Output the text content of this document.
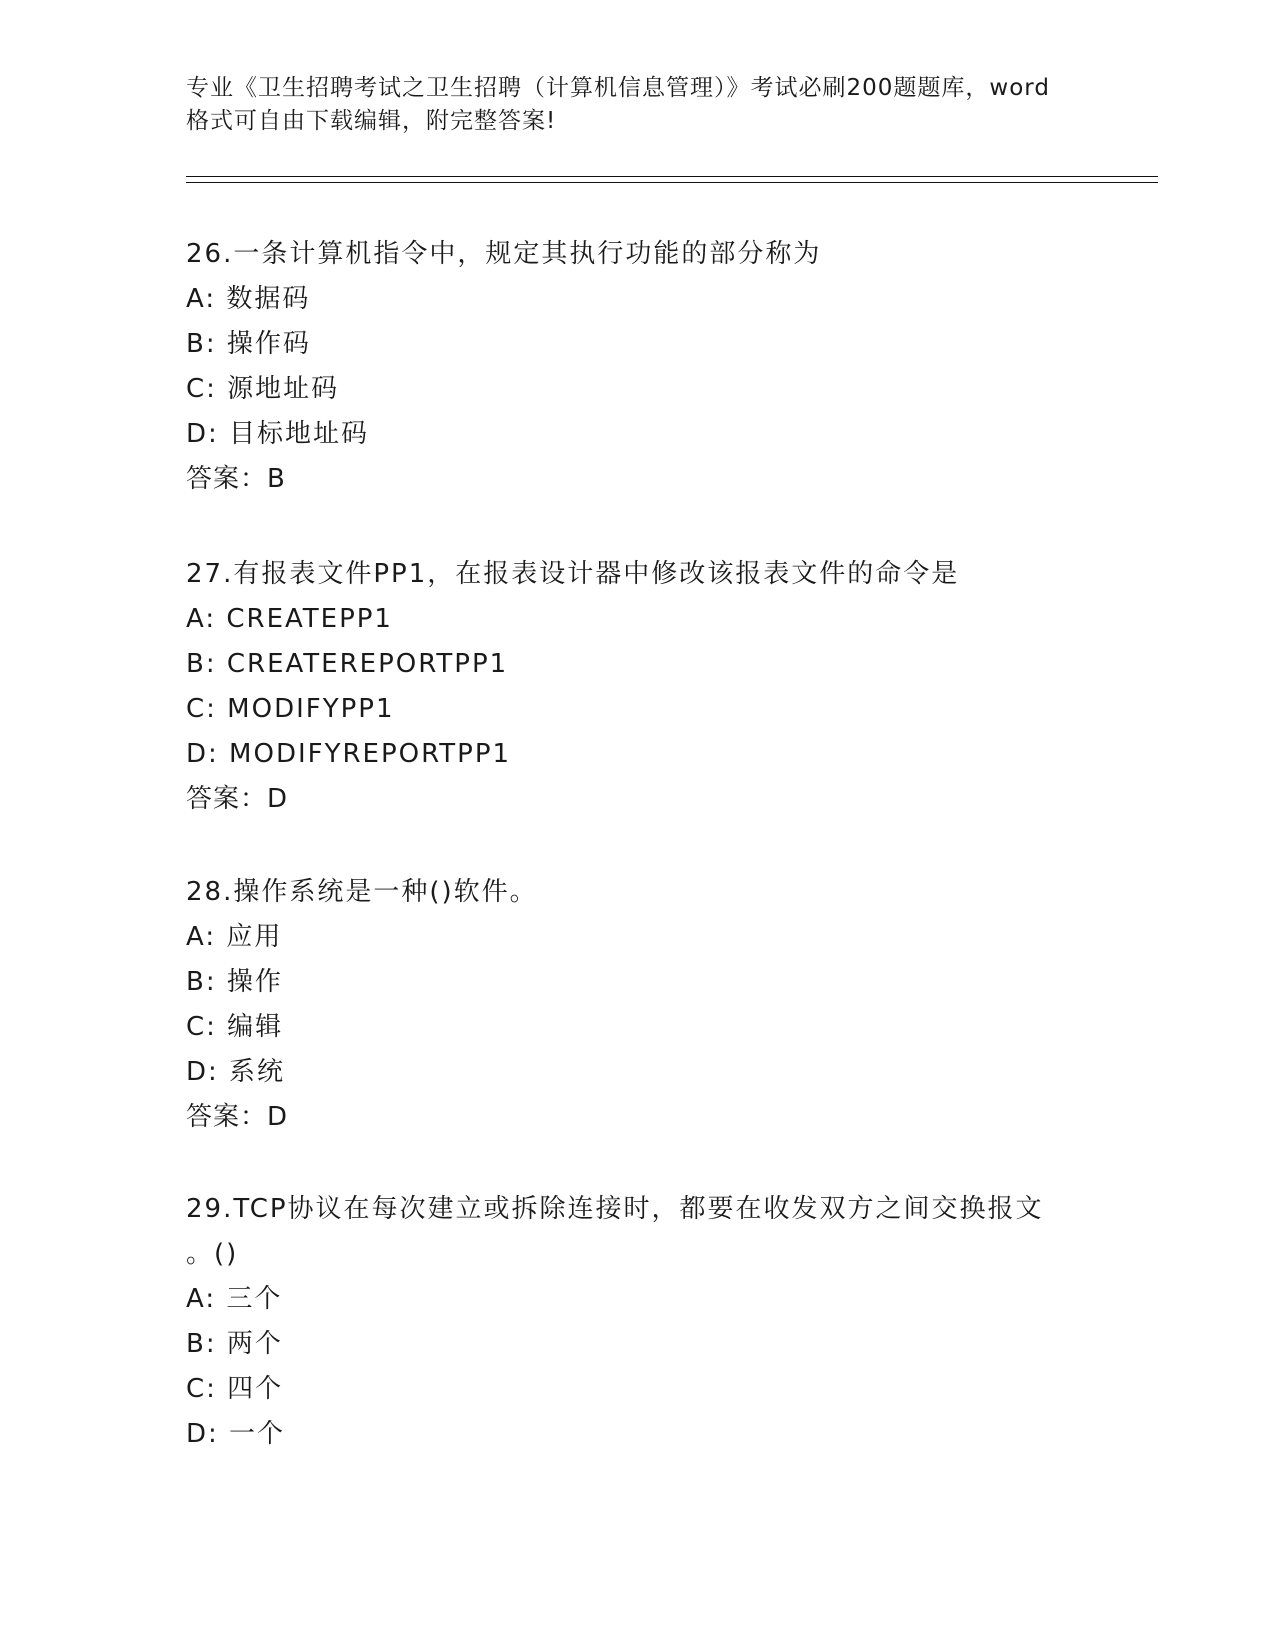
专业《卫生招聘考试之卫生招聘（计算机信息管理）》考试必刷200题题库，word
格式可自由下载编辑，附完整答案!
26.一条计算机指令中，规定其执行功能的部分称为
A: 数据码
B: 操作码
C: 源地址码
D: 目标地址码
答案：B
27.有报表文件PP1，在报表设计器中修改该报表文件的命令是
A: CREATEPP1
B: CREATEREPORTPP1
C: MODIFYPP1
D: MODIFYREPORTPP1
答案：D
28.操作系统是一种()软件。
A: 应用
B: 操作
C: 编辑
D: 系统
答案：D
29.TCP协议在每次建立或拆除连接时，都要在收发双方之间交换报文
。()
A: 三个
B: 两个
C: 四个
D: 一个
